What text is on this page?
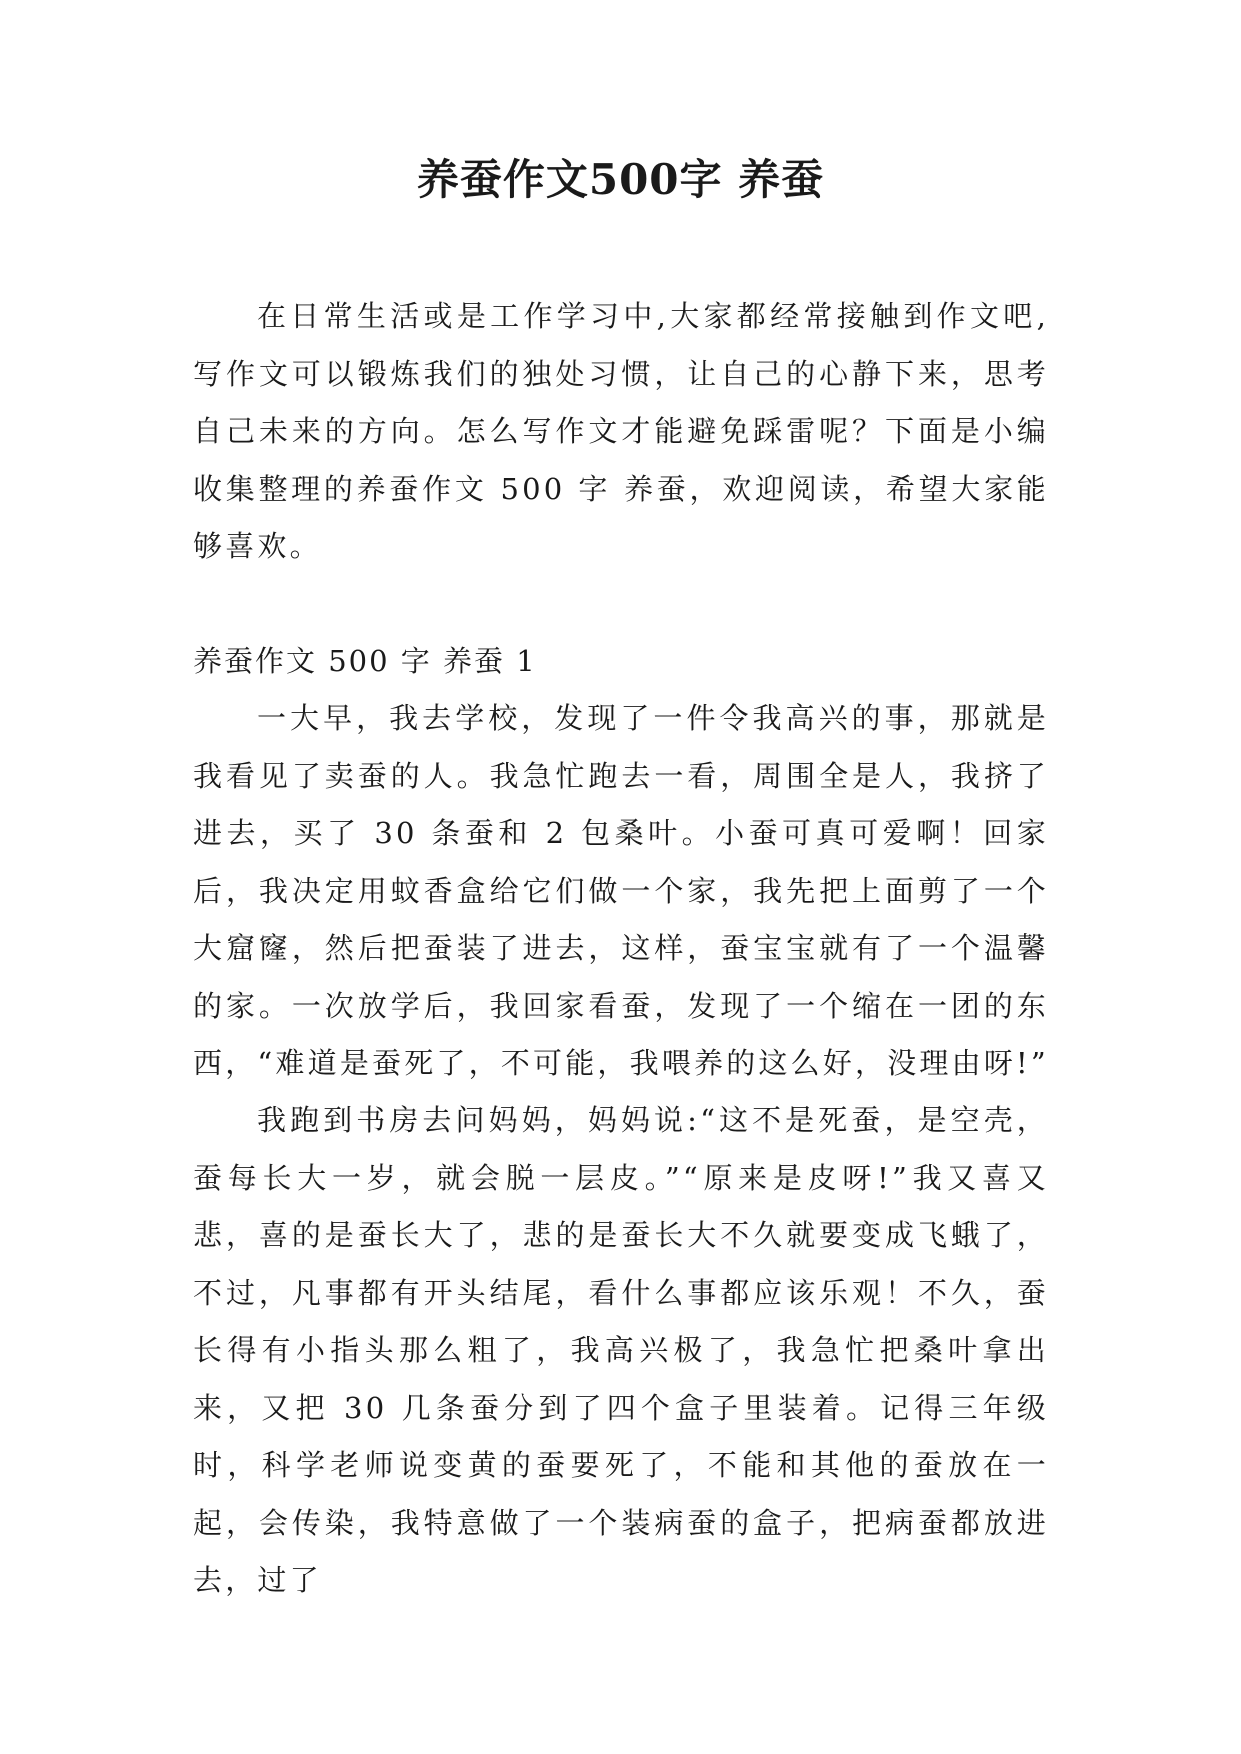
养蚕作文500字 养蚕

在日常生活或是工作学习中,大家都经常接触到作文吧,写作文可以锻炼我们的独处习惯，让自己的心静下来，思考自己未来的方向。怎么写作文才能避免踩雷呢？下面是小编收集整理的养蚕作文 500 字 养蚕，欢迎阅读，希望大家能够喜欢。

养蚕作文 500 字 养蚕 1

一大早，我去学校，发现了一件令我高兴的事，那就是我看见了卖蚕的人。我急忙跑去一看，周围全是人，我挤了进去，买了 30 条蚕和 2 包桑叶。小蚕可真可爱啊！回家后，我决定用蚊香盒给它们做一个家，我先把上面剪了一个大窟窿，然后把蚕装了进去，这样，蚕宝宝就有了一个温馨的家。一次放学后，我回家看蚕，发现了一个缩在一团的东西，“难道是蚕死了，不可能，我喂养的这么好，没理由呀!”

我跑到书房去问妈妈，妈妈说:“这不是死蚕，是空壳，蚕每长大一岁，就会脱一层皮。”“原来是皮呀!”我又喜又悲，喜的是蚕长大了，悲的是蚕长大不久就要变成飞蛾了，不过，凡事都有开头结尾，看什么事都应该乐观！不久，蚕长得有小指头那么粗了，我高兴极了，我急忙把桑叶拿出来，又把 30 几条蚕分到了四个盒子里装着。记得三年级时，科学老师说变黄的蚕要死了，不能和其他的蚕放在一起，会传染，我特意做了一个装病蚕的盒子，把病蚕都放进去，过了
